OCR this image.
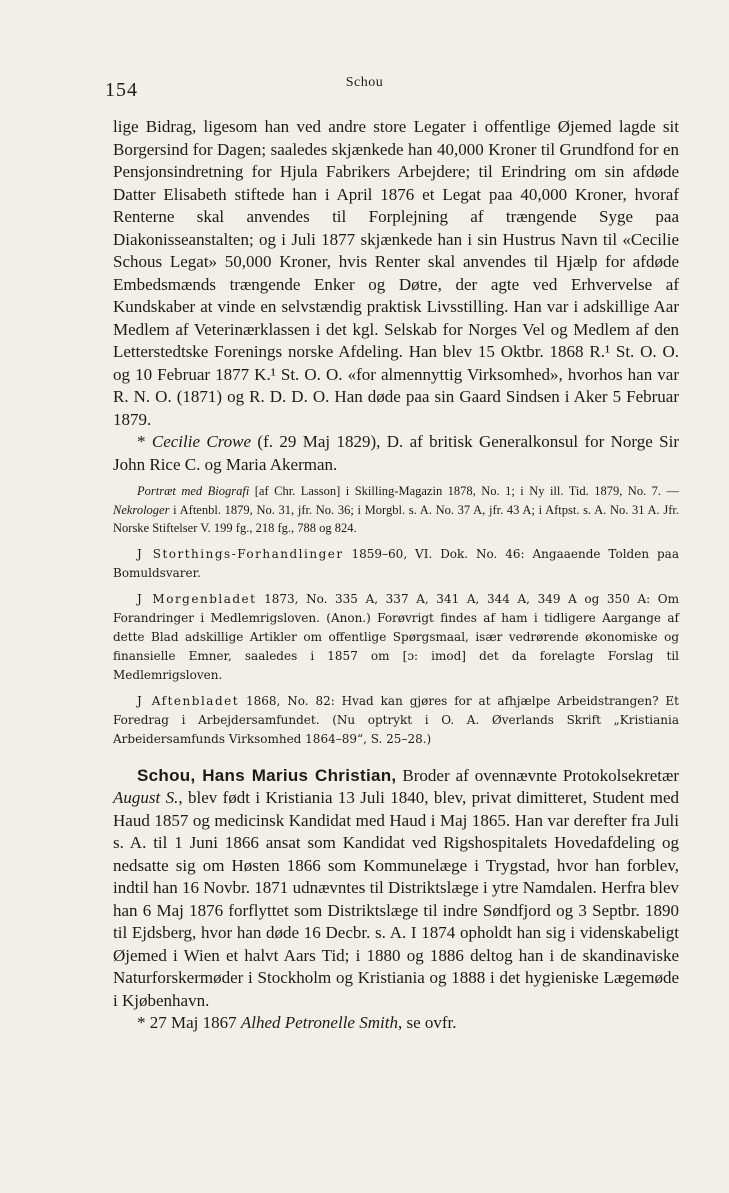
154	Schou

lige Bidrag, ligesom han ved andre store Legater i offentlige Øjemed lagde sit Borgersind for Dagen; saaledes skjænkede han 40,000 Kroner til Grundfond for en Pensjonsindretning for Hjula Fabrikers Arbejdere; til Erindring om sin afdøde Datter Elisabeth stiftede han i April 1876 et Legat paa 40,000 Kroner, hvoraf Renterne skal anvendes til Forplejning af trængende Syge paa Diakonisseanstalten; og i Juli 1877 skjænkede han i sin Hustrus Navn til «Cecilie Schous Legat» 50,000 Kroner, hvis Renter skal anvendes til Hjælp for afdøde Embedsmænds trængende Enker og Døtre, der agte ved Erhvervelse af Kundskaber at vinde en selvstændig praktisk Livsstilling. Han var i adskillige Aar Medlem af Veterinærklassen i det kgl. Selskab for Norges Vel og Medlem af den Letterstedtske Forenings norske Afdeling. Han blev 15 Oktbr. 1868 R.¹ St. O. O. og 10 Februar 1877 K.¹ St. O. O. «for almennyttig Virksomhed», hvorhos han var R. N. O. (1871) og R. D. D. O. Han døde paa sin Gaard Sindsen i Aker 5 Februar 1879.

* Cecilie Crowe (f. 29 Maj 1829), D. af britisk Generalkonsul for Norge Sir John Rice C. og Maria Akerman.

Portræt med Biografi [af Chr. Lasson] i Skilling-Magazin 1878, No. 1; i Ny ill. Tid. 1879, No. 7. — Nekrologer i Aftenbl. 1879, No. 31, jfr. No. 36; i Morgbl. s. A. No. 37 A, jfr. 43 A; i Aftpst. s. A. No. 31 A. Jfr. Norske Stiftelser V. 199 fg., 218 fg., 788 og 824.

J Storthings-Forhandlinger 1859–60, VI. Dok. No. 46: Angaaende Tolden paa Bomuldsvarer.

J Morgenbladet 1873, No. 335 A, 337 A, 341 A, 344 A, 349 A og 350 A: Om Forandringer i Medlemrigsloven. (Anon.) Forøvrigt findes af ham i tidligere Aargange af dette Blad adskillige Artikler om offentlige Spørgsmaal, især vedrørende økonomiske og finansielle Emner, saaledes i 1857 om [ɔ: imod] det da forelagte Forslag til Medlemrigsloven.

J Aftenbladet 1868, No. 82: Hvad kan gjøres for at afhjælpe Arbeidstrangen? Et Foredrag i Arbejdersamfundet. (Nu optrykt i O. A. Øverlands Skrift „Kristiania Arbeidersamfunds Virksomhed 1864–89“, S. 25–28.)

Schou, Hans Marius Christian, Broder af ovennævnte Protokolsekretær August S., blev født i Kristiania 13 Juli 1840, blev, privat dimitteret, Student med Haud 1857 og medicinsk Kandidat med Haud i Maj 1865. Han var derefter fra Juli s. A. til 1 Juni 1866 ansat som Kandidat ved Rigshospitalets Hovedafdeling og nedsatte sig om Høsten 1866 som Kommunelæge i Trygstad, hvor han forblev, indtil han 16 Novbr. 1871 udnævntes til Distriktslæge i ytre Namdalen. Herfra blev han 6 Maj 1876 forflyttet som Distriktslæge til indre Søndfjord og 3 Septbr. 1890 til Ejdsberg, hvor han døde 16 Decbr. s. A. I 1874 opholdt han sig i videnskabeligt Øjemed i Wien et halvt Aars Tid; i 1880 og 1886 deltog han i de skandinaviske Naturforskermøder i Stockholm og Kristiania og 1888 i det hygieniske Lægemøde i Kjøbenhavn.

* 27 Maj 1867 Alhed Petronelle Smith, se ovfr.
